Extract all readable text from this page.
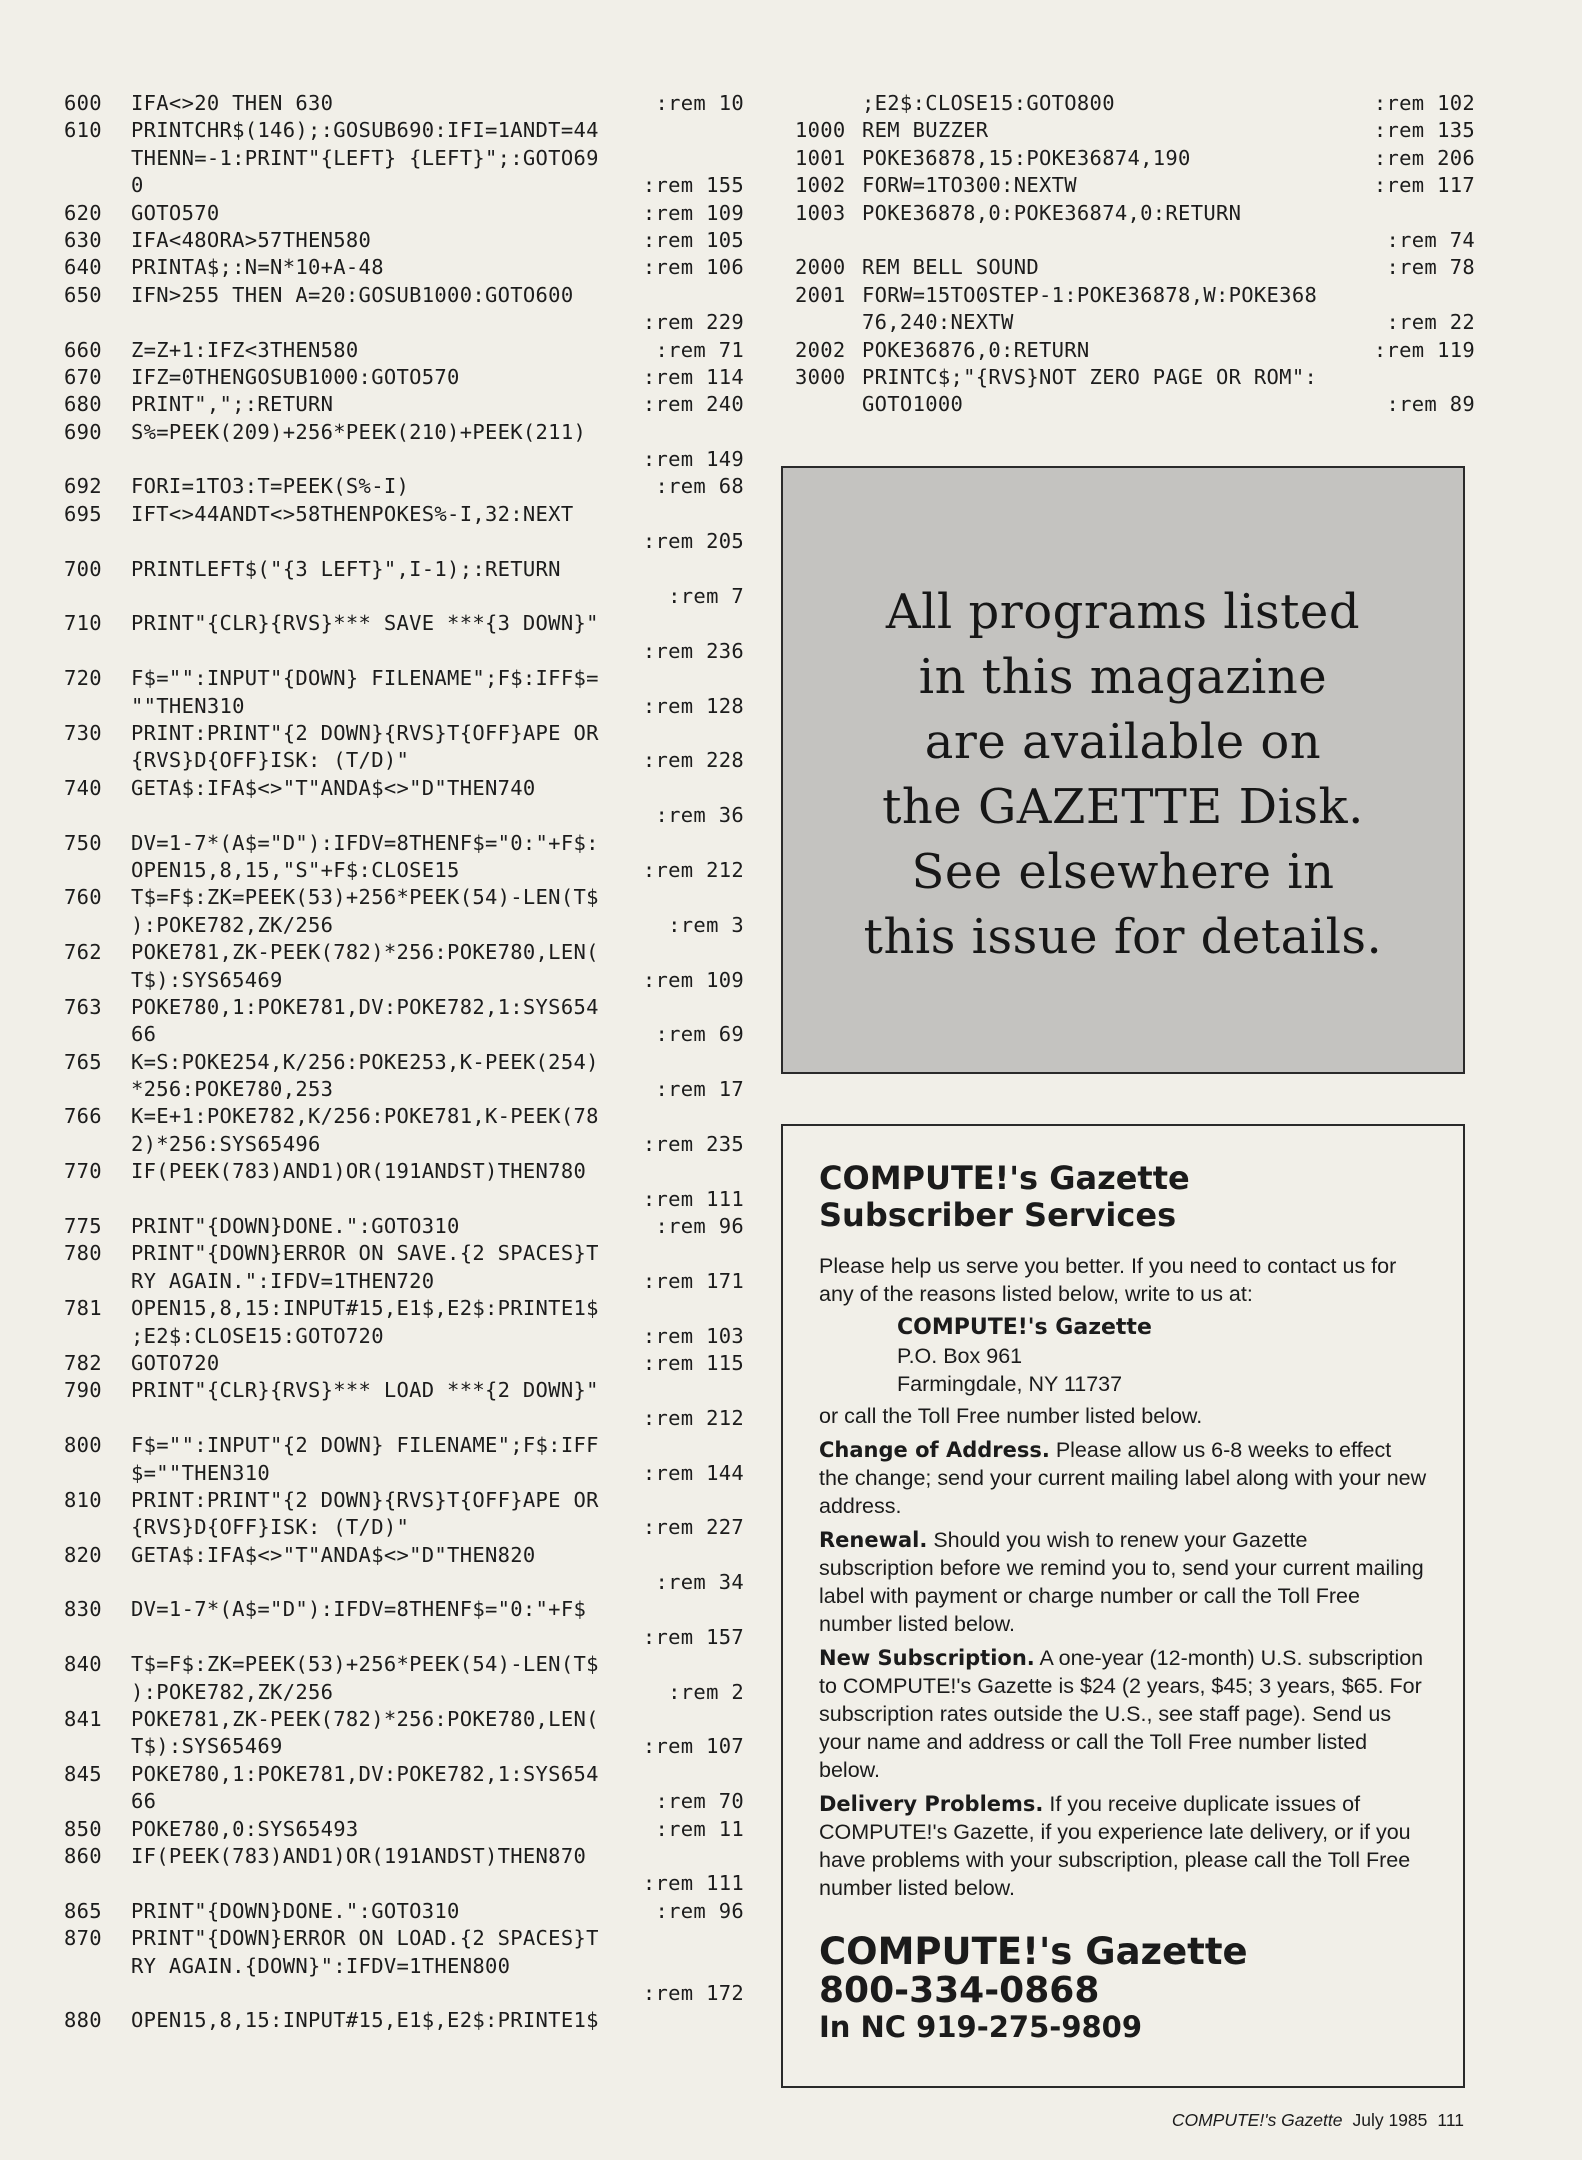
600	IFA<>20 THEN 630	:rem 10
610	PRINTCHR$(146);:GOSUB690:IFI=1ANDT=44
THENN=-1:PRINT"{LEFT} {LEFT}";:GOTO69
0	:rem 155
620	GOTO570	:rem 109
630	IFA<48ORA>57THEN580	:rem 105
640	PRINTA$;:N=N*10+A-48	:rem 106
650	IFN>255 THEN A=20:GOSUB1000:GOTO600
:rem 229
660	Z=Z+1:IFZ<3THEN580	:rem 71
670	IFZ=0THENGOSUB1000:GOTO570	:rem 114
680	PRINT",";:RETURN	:rem 240
690	S%=PEEK(209)+256*PEEK(210)+PEEK(211)
:rem 149
692	FORI=1TO3:T=PEEK(S%-I)	:rem 68
695	IFT<>44ANDT<>58THENPOKES%-I,32:NEXT
:rem 205
700	PRINTLEFT$("{3 LEFT}",I-1);:RETURN
:rem 7
710	PRINT"{CLR}{RVS}*** SAVE ***{3 DOWN}"
:rem 236
720	F$="":INPUT"{DOWN} FILENAME";F$:IFF$=
""THEN310	:rem 128
730	PRINT:PRINT"{2 DOWN}{RVS}T{OFF}APE OR
{RVS}D{OFF}ISK: (T/D)"	:rem 228
740	GETA$:IFA$<>"T"ANDA$<>"D"THEN740
:rem 36
750	DV=1-7*(A$="D"):IFDV=8THENF$="0:"+F$:
OPEN15,8,15,"S"+F$:CLOSE15	:rem 212
760	T$=F$:ZK=PEEK(53)+256*PEEK(54)-LEN(T$
):POKE782,ZK/256	:rem 3
762	POKE781,ZK-PEEK(782)*256:POKE780,LEN(
T$):SYS65469	:rem 109
763	POKE780,1:POKE781,DV:POKE782,1:SYS654
66	:rem 69
765	K=S:POKE254,K/256:POKE253,K-PEEK(254)
*256:POKE780,253	:rem 17
766	K=E+1:POKE782,K/256:POKE781,K-PEEK(78
2)*256:SYS65496	:rem 235
770	IF(PEEK(783)AND1)OR(191ANDST)THEN780
:rem 111
775	PRINT"{DOWN}DONE.":GOTO310	:rem 96
780	PRINT"{DOWN}ERROR ON SAVE.{2 SPACES}T
RY AGAIN.":IFDV=1THEN720	:rem 171
781	OPEN15,8,15:INPUT#15,E1$,E2$:PRINTE1$
;E2$:CLOSE15:GOTO720	:rem 103
782	GOTO720	:rem 115
790	PRINT"{CLR}{RVS}*** LOAD ***{2 DOWN}"
:rem 212
800	F$="":INPUT"{2 DOWN} FILENAME";F$:IFF
$=""THEN310	:rem 144
810	PRINT:PRINT"{2 DOWN}{RVS}T{OFF}APE OR
{RVS}D{OFF}ISK: (T/D)"	:rem 227
820	GETA$:IFA$<>"T"ANDA$<>"D"THEN820
:rem 34
830	DV=1-7*(A$="D"):IFDV=8THENF$="0:"+F$
:rem 157
840	T$=F$:ZK=PEEK(53)+256*PEEK(54)-LEN(T$
):POKE782,ZK/256	:rem 2
841	POKE781,ZK-PEEK(782)*256:POKE780,LEN(
T$):SYS65469	:rem 107
845	POKE780,1:POKE781,DV:POKE782,1:SYS654
66	:rem 70
850	POKE780,0:SYS65493	:rem 11
860	IF(PEEK(783)AND1)OR(191ANDST)THEN870
:rem 111
865	PRINT"{DOWN}DONE.":GOTO310	:rem 96
870	PRINT"{DOWN}ERROR ON LOAD.{2 SPACES}T
RY AGAIN.{DOWN}":IFDV=1THEN800
:rem 172
880	OPEN15,8,15:INPUT#15,E1$,E2$:PRINTE1$
;E2$:CLOSE15:GOTO800	:rem 102
1000 REM BUZZER	:rem 135
1001 POKE36878,15:POKE36874,190	:rem 206
1002 FORW=1TO300:NEXTW	:rem 117
1003 POKE36878,0:POKE36874,0:RETURN
:rem 74
2000 REM BELL SOUND	:rem 78
2001 FORW=15TO0STEP-1:POKE36878,W:POKE368
76,240:NEXTW	:rem 22
2002 POKE36876,0:RETURN	:rem 119
3000 PRINTC$;"{RVS}NOT ZERO PAGE OR ROM":
GOTO1000	:rem 89
All programs listed
in this magazine
are available on
the GAZETTE Disk.
See elsewhere in
this issue for details.
COMPUTE!'s Gazette
Subscriber Services

Please help us serve you better. If you need to contact us for any of the reasons listed below, write to us at:

COMPUTE!'s Gazette
P.O. Box 961
Farmingdale, NY 11737

or call the Toll Free number listed below.

Change of Address. Please allow us 6-8 weeks to effect the change; send your current mailing label along with your new address.

Renewal. Should you wish to renew your Gazette subscription before we remind you to, send your current mailing label with payment or charge number or call the Toll Free number listed below.

New Subscription. A one-year (12-month) U.S. subscription to COMPUTE!'s Gazette is $24 (2 years, $45; 3 years, $65. For subscription rates outside the U.S., see staff page). Send us your name and address or call the Toll Free number listed below.

Delivery Problems. If you receive duplicate issues of COMPUTE!'s Gazette, if you experience late delivery, or if you have problems with your subscription, please call the Toll Free number listed below.

COMPUTE!'s Gazette
800-334-0868
In NC 919-275-9809
COMPUTE!'s Gazette July 1985 111
